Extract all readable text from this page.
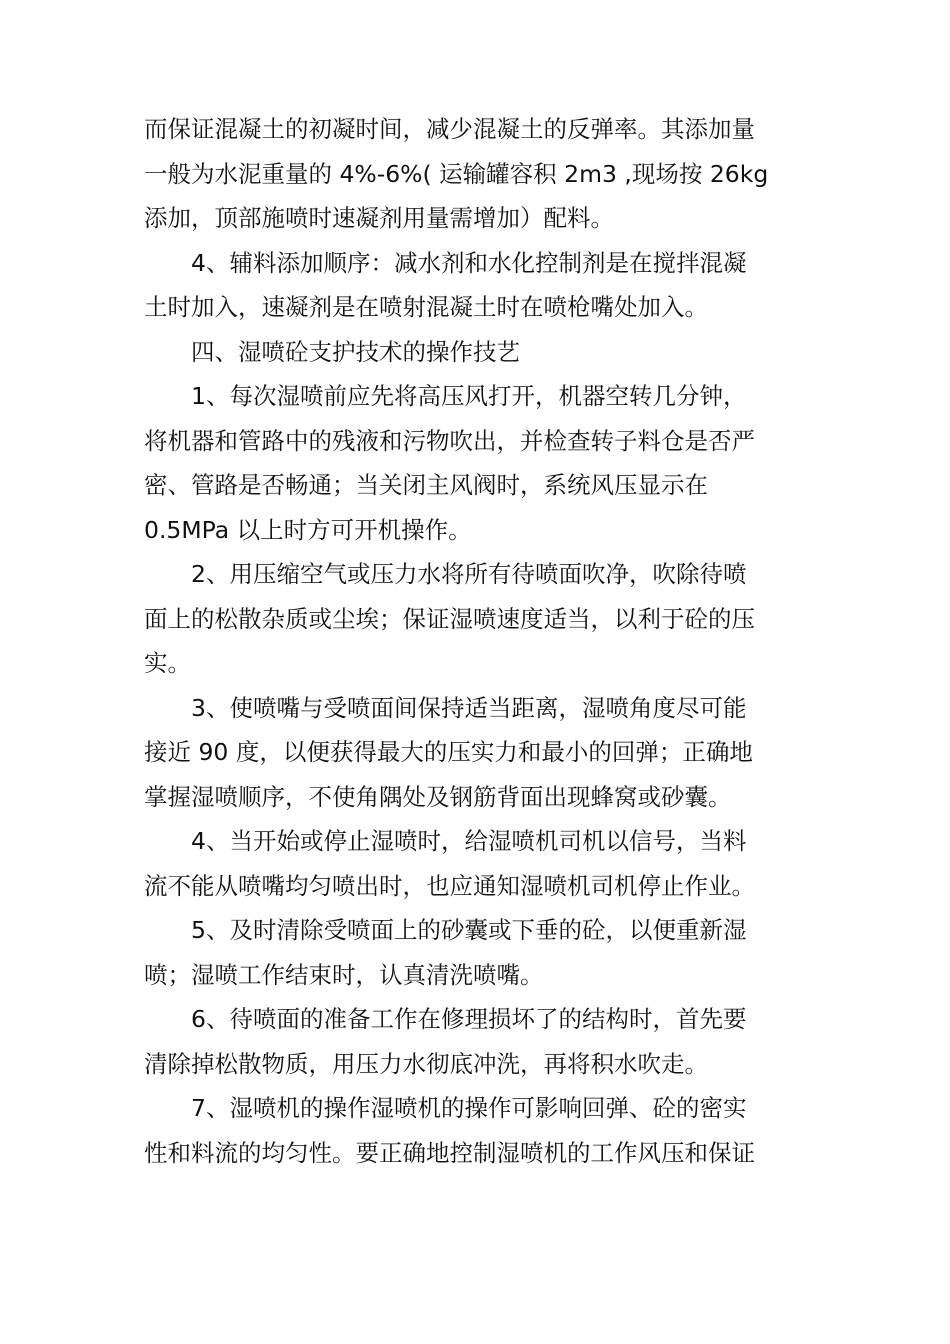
而保证混凝土的初凝时间，减少混凝土的反弹率。其添加量
一般为水泥重量的 4%-6%( 运输罐容积 2m3 ,现场按 26kg
添加，顶部施喷时速凝剂用量需增加）配料。
4、辅料添加顺序：减水剂和水化控制剂是在搅拌混凝
土时加入，速凝剂是在喷射混凝土时在喷枪嘴处加入。
四、湿喷砼支护技术的操作技艺
1、每次湿喷前应先将高压风打开，机器空转几分钟，
将机器和管路中的残液和污物吹出，并检查转子料仓是否严
密、管路是否畅通；当关闭主风阀时，系统风压显示在
0.5MPa 以上时方可开机操作。
2、用压缩空气或压力水将所有待喷面吹净，吹除待喷
面上的松散杂质或尘埃；保证湿喷速度适当，以利于砼的压
实。
3、使喷嘴与受喷面间保持适当距离，湿喷角度尽可能
接近 90 度，以便获得最大的压实力和最小的回弹；正确地
掌握湿喷顺序，不使角隅处及钢筋背面出现蜂窝或砂囊。
4、当开始或停止湿喷时，给湿喷机司机以信号，当料
流不能从喷嘴均匀喷出时，也应通知湿喷机司机停止作业。
5、及时清除受喷面上的砂囊或下垂的砼，以便重新湿
喷；湿喷工作结束时，认真清洗喷嘴。
6、待喷面的准备工作在修理损坏了的结构时，首先要
清除掉松散物质，用压力水彻底冲洗，再将积水吹走。
7、湿喷机的操作湿喷机的操作可影响回弹、砼的密实
性和料流的均匀性。要正确地控制湿喷机的工作风压和保证
